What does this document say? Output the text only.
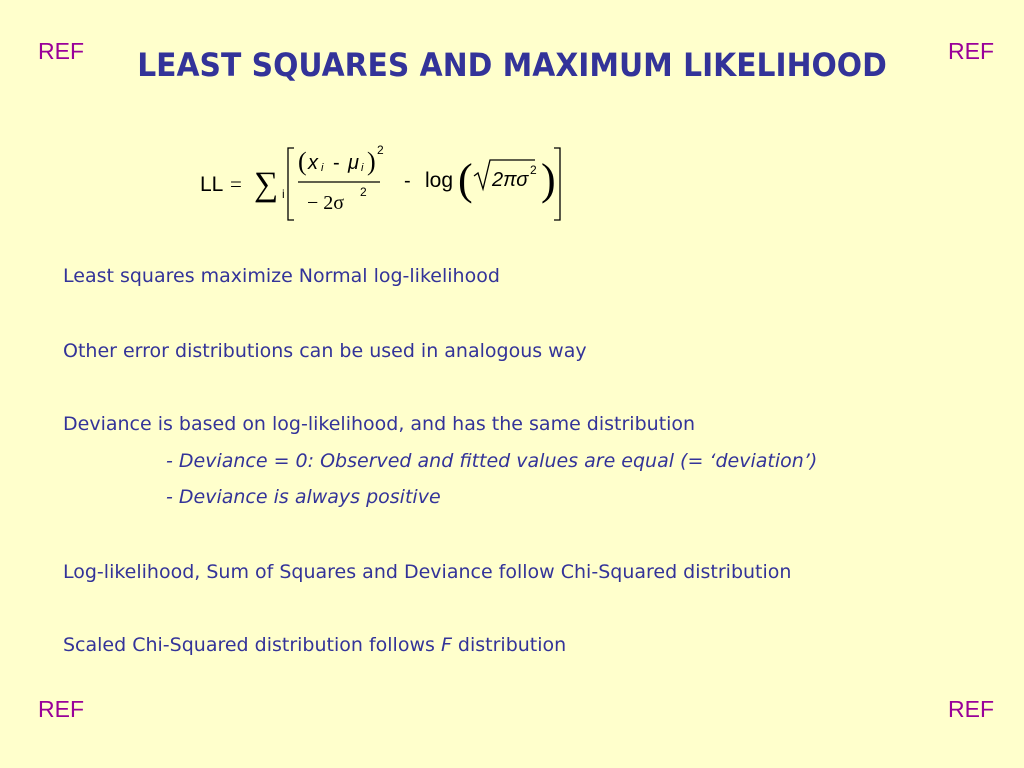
REF	REF
REF	REF
LEAST SQUARES AND MAXIMUM LIKELIHOOD
LL = ∑ i
( x i - μ i ) 2
− 2σ 2 - log ( 2πσ 2 )
Least squares maximize Normal log-likelihood
Other error distributions can be used in analogous way
Deviance is based on log-likelihood, and has the same distribution
- Deviance = 0: Observed and fitted values are equal (= ‘deviation’)
- Deviance is always positive
Log-likelihood, Sum of Squares and Deviance follow Chi-Squared distribution
Scaled Chi-Squared distribution follows F distribution
